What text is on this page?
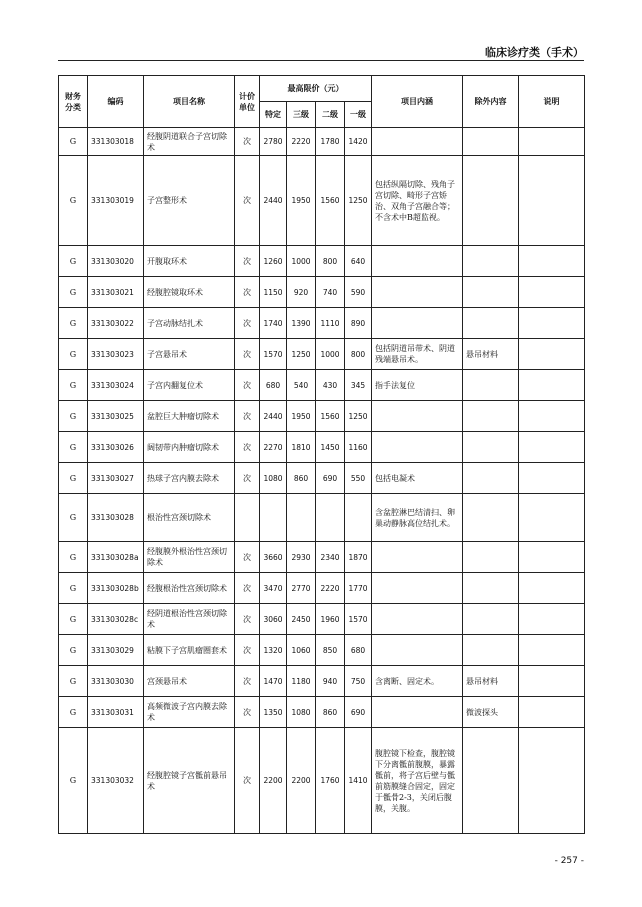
临床诊疗类（手术）
财务分类	编码	项目名称	计价单位	最高限价（元）				项目内涵	除外内容	说明
				特定	三级	二级	一级			
G	331303018	经腹阴道联合子宫切除术	次	2780	2220	1780	1420			
G	331303019	子宫整形术	次	2440	1950	1560	1250	包括纵隔切除、残角子宫切除、畸形子宫矫治、双角子宫融合等；不含术中B超监视。		
G	331303020	开腹取环术	次	1260	1000	800	640			
G	331303021	经腹腔镜取环术	次	1150	920	740	590			
G	331303022	子宫动脉结扎术	次	1740	1390	1110	890			
G	331303023	子宫悬吊术	次	1570	1250	1000	800	包括阴道吊带术、阴道残端悬吊术。	悬吊材料	
G	331303024	子宫内翻复位术	次	680	540	430	345	指手法复位		
G	331303025	盆腔巨大肿瘤切除术	次	2440	1950	1560	1250			
G	331303026	阔韧带内肿瘤切除术	次	2270	1810	1450	1160			
G	331303027	热球子宫内膜去除术	次	1080	860	690	550	包括电凝术		
G	331303028	根治性宫颈切除术						含盆腔淋巴结清扫、卵巢动静脉高位结扎术。		
G	331303028a	经腹膜外根治性宫颈切除术	次	3660	2930	2340	1870			
G	331303028b	经腹根治性宫颈切除术	次	3470	2770	2220	1770			
G	331303028c	经阴道根治性宫颈切除术	次	3060	2450	1960	1570			
G	331303029	粘膜下子宫肌瘤圈套术	次	1320	1060	850	680			
G	331303030	宫颈悬吊术	次	1470	1180	940	750	含离断、固定术。	悬吊材料	
G	331303031	高频微波子宫内膜去除术	次	1350	1080	860	690		微波探头	
G	331303032	经腹腔镜子宫骶前悬吊术	次	2200	2200	1760	1410	腹腔镜下检查，腹腔镜下分离骶前腹膜，暴露骶前，将子宫后壁与骶前筋膜缝合固定，固定于骶骨2-3，关闭后腹膜，关腹。		
- 257 -
